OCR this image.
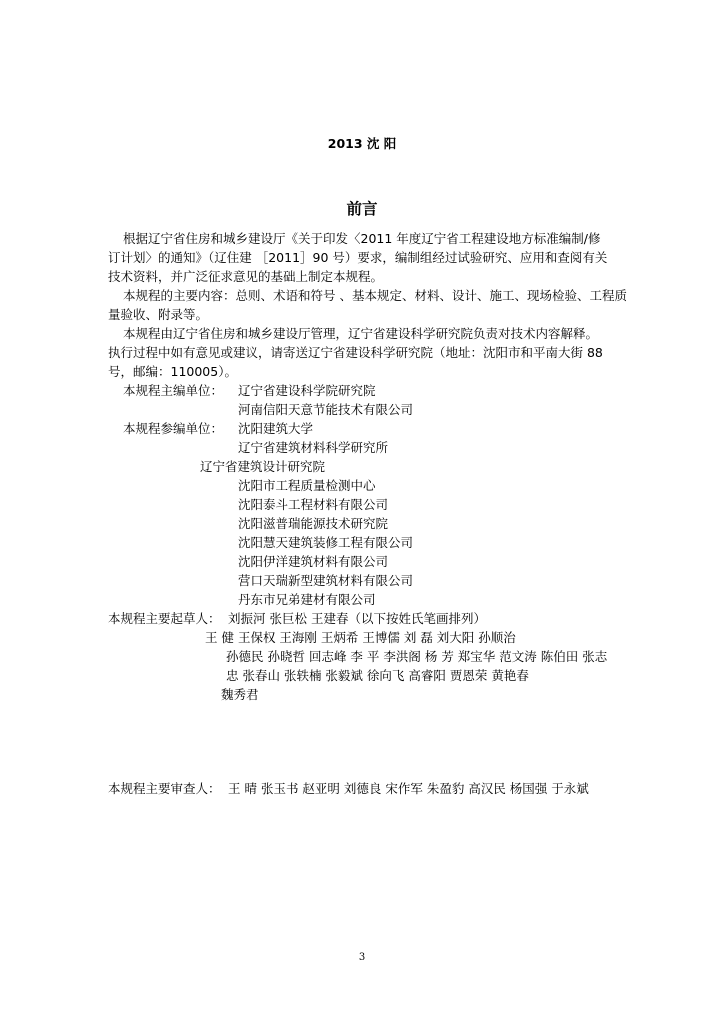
2013 沈 阳
前言
根据辽宁省住房和城乡建设厅《关于印发〈2011 年度辽宁省工程建设地方标准编制/修
订计划〉的通知》（辽住建 ［2011］90 号）要求，编制组经过试验研究、应用和查阅有关
技术资料，并广泛征求意见的基础上制定本规程。
本规程的主要内容：总则、术语和符号 、基本规定、材料、设计、施工、现场检验、工程质
量验收、附录等。
本规程由辽宁省住房和城乡建设厅管理，辽宁省建设科学研究院负责对技术内容解释。
执行过程中如有意见或建议，请寄送辽宁省建设科学研究院（地址：沈阳市和平南大街 88
号，邮编：110005）。
本规程主编单位： 辽宁省建设科学院研究院
河南信阳天意节能技术有限公司
本规程参编单位： 沈阳建筑大学
辽宁省建筑材料科学研究所
辽宁省建筑设计研究院
沈阳市工程质量检测中心
沈阳泰斗工程材料有限公司
沈阳滋普瑞能源技术研究院
沈阳慧天建筑装修工程有限公司
沈阳伊洋建筑材料有限公司
营口天瑞新型建筑材料有限公司
丹东市兄弟建材有限公司
本规程主要起草人： 刘振河 张巨松 王建春（以下按姓氏笔画排列）
王 健 王保权 王海刚 王炳希 王博儒 刘 磊 刘大阳 孙顺治
孙德民 孙晓哲 回志峰 李 平 李洪阁 杨 芳 郑宝华 范文涛 陈伯田 张志
忠 张春山 张轶楠 张毅斌 徐向飞 高睿阳 贾恩荣 黄艳春
魏秀君
本规程主要审查人： 王 晴 张玉书 赵亚明 刘德良 宋作军 朱盈豹 高汉民 杨国强 于永斌
3
